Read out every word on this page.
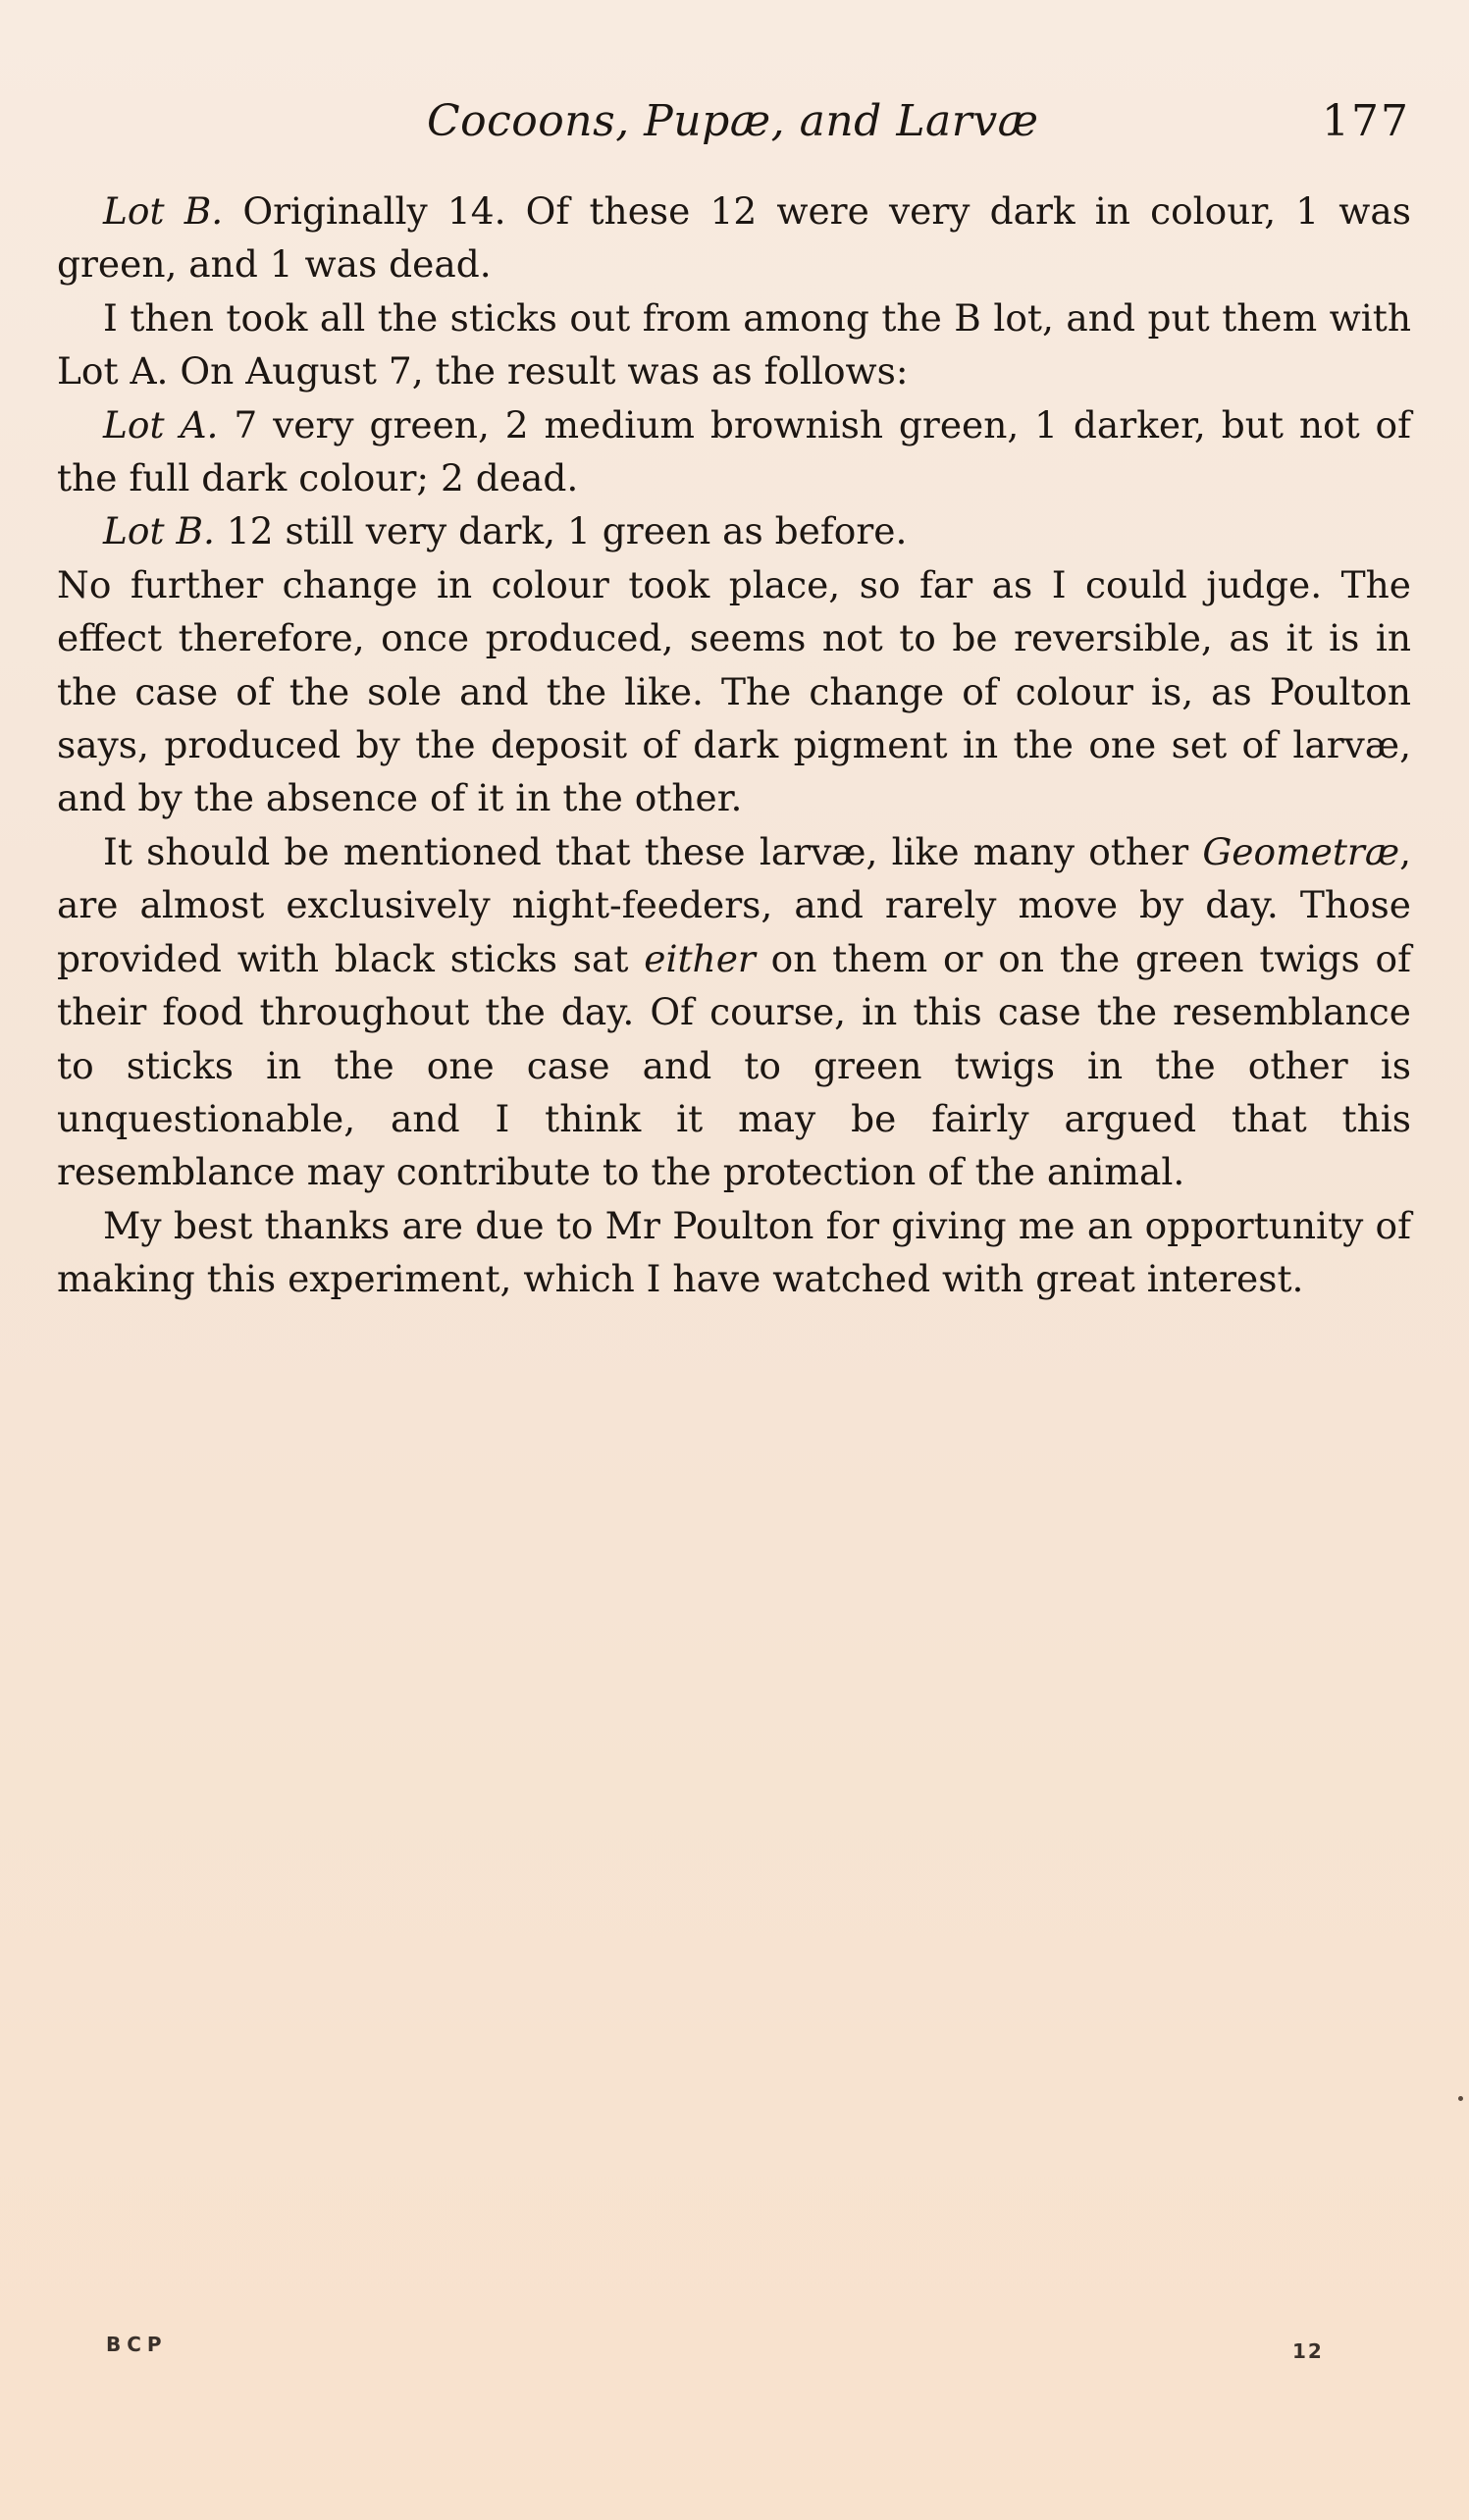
Cocoons, Pupæ, and Larvæ	177

Lot B. Originally 14. Of these 12 were very dark in colour, 1 was green, and 1 was dead.

I then took all the sticks out from among the B lot, and put them with Lot A. On August 7, the result was as follows:

Lot A. 7 very green, 2 medium brownish green, 1 darker, but not of the full dark colour; 2 dead.

Lot B. 12 still very dark, 1 green as before.

No further change in colour took place, so far as I could judge. The effect therefore, once produced, seems not to be reversible, as it is in the case of the sole and the like. The change of colour is, as Poulton says, produced by the deposit of dark pigment in the one set of larvæ, and by the absence of it in the other.

It should be mentioned that these larvæ, like many other Geometræ, are almost exclusively night-feeders, and rarely move by day. Those provided with black sticks sat either on them or on the green twigs of their food throughout the day. Of course, in this case the resemblance to sticks in the one case and to green twigs in the other is unquestionable, and I think it may be fairly argued that this resemblance may contribute to the protection of the animal.

My best thanks are due to Mr Poulton for giving me an opportunity of making this experiment, which I have watched with great interest.

BCP	12
